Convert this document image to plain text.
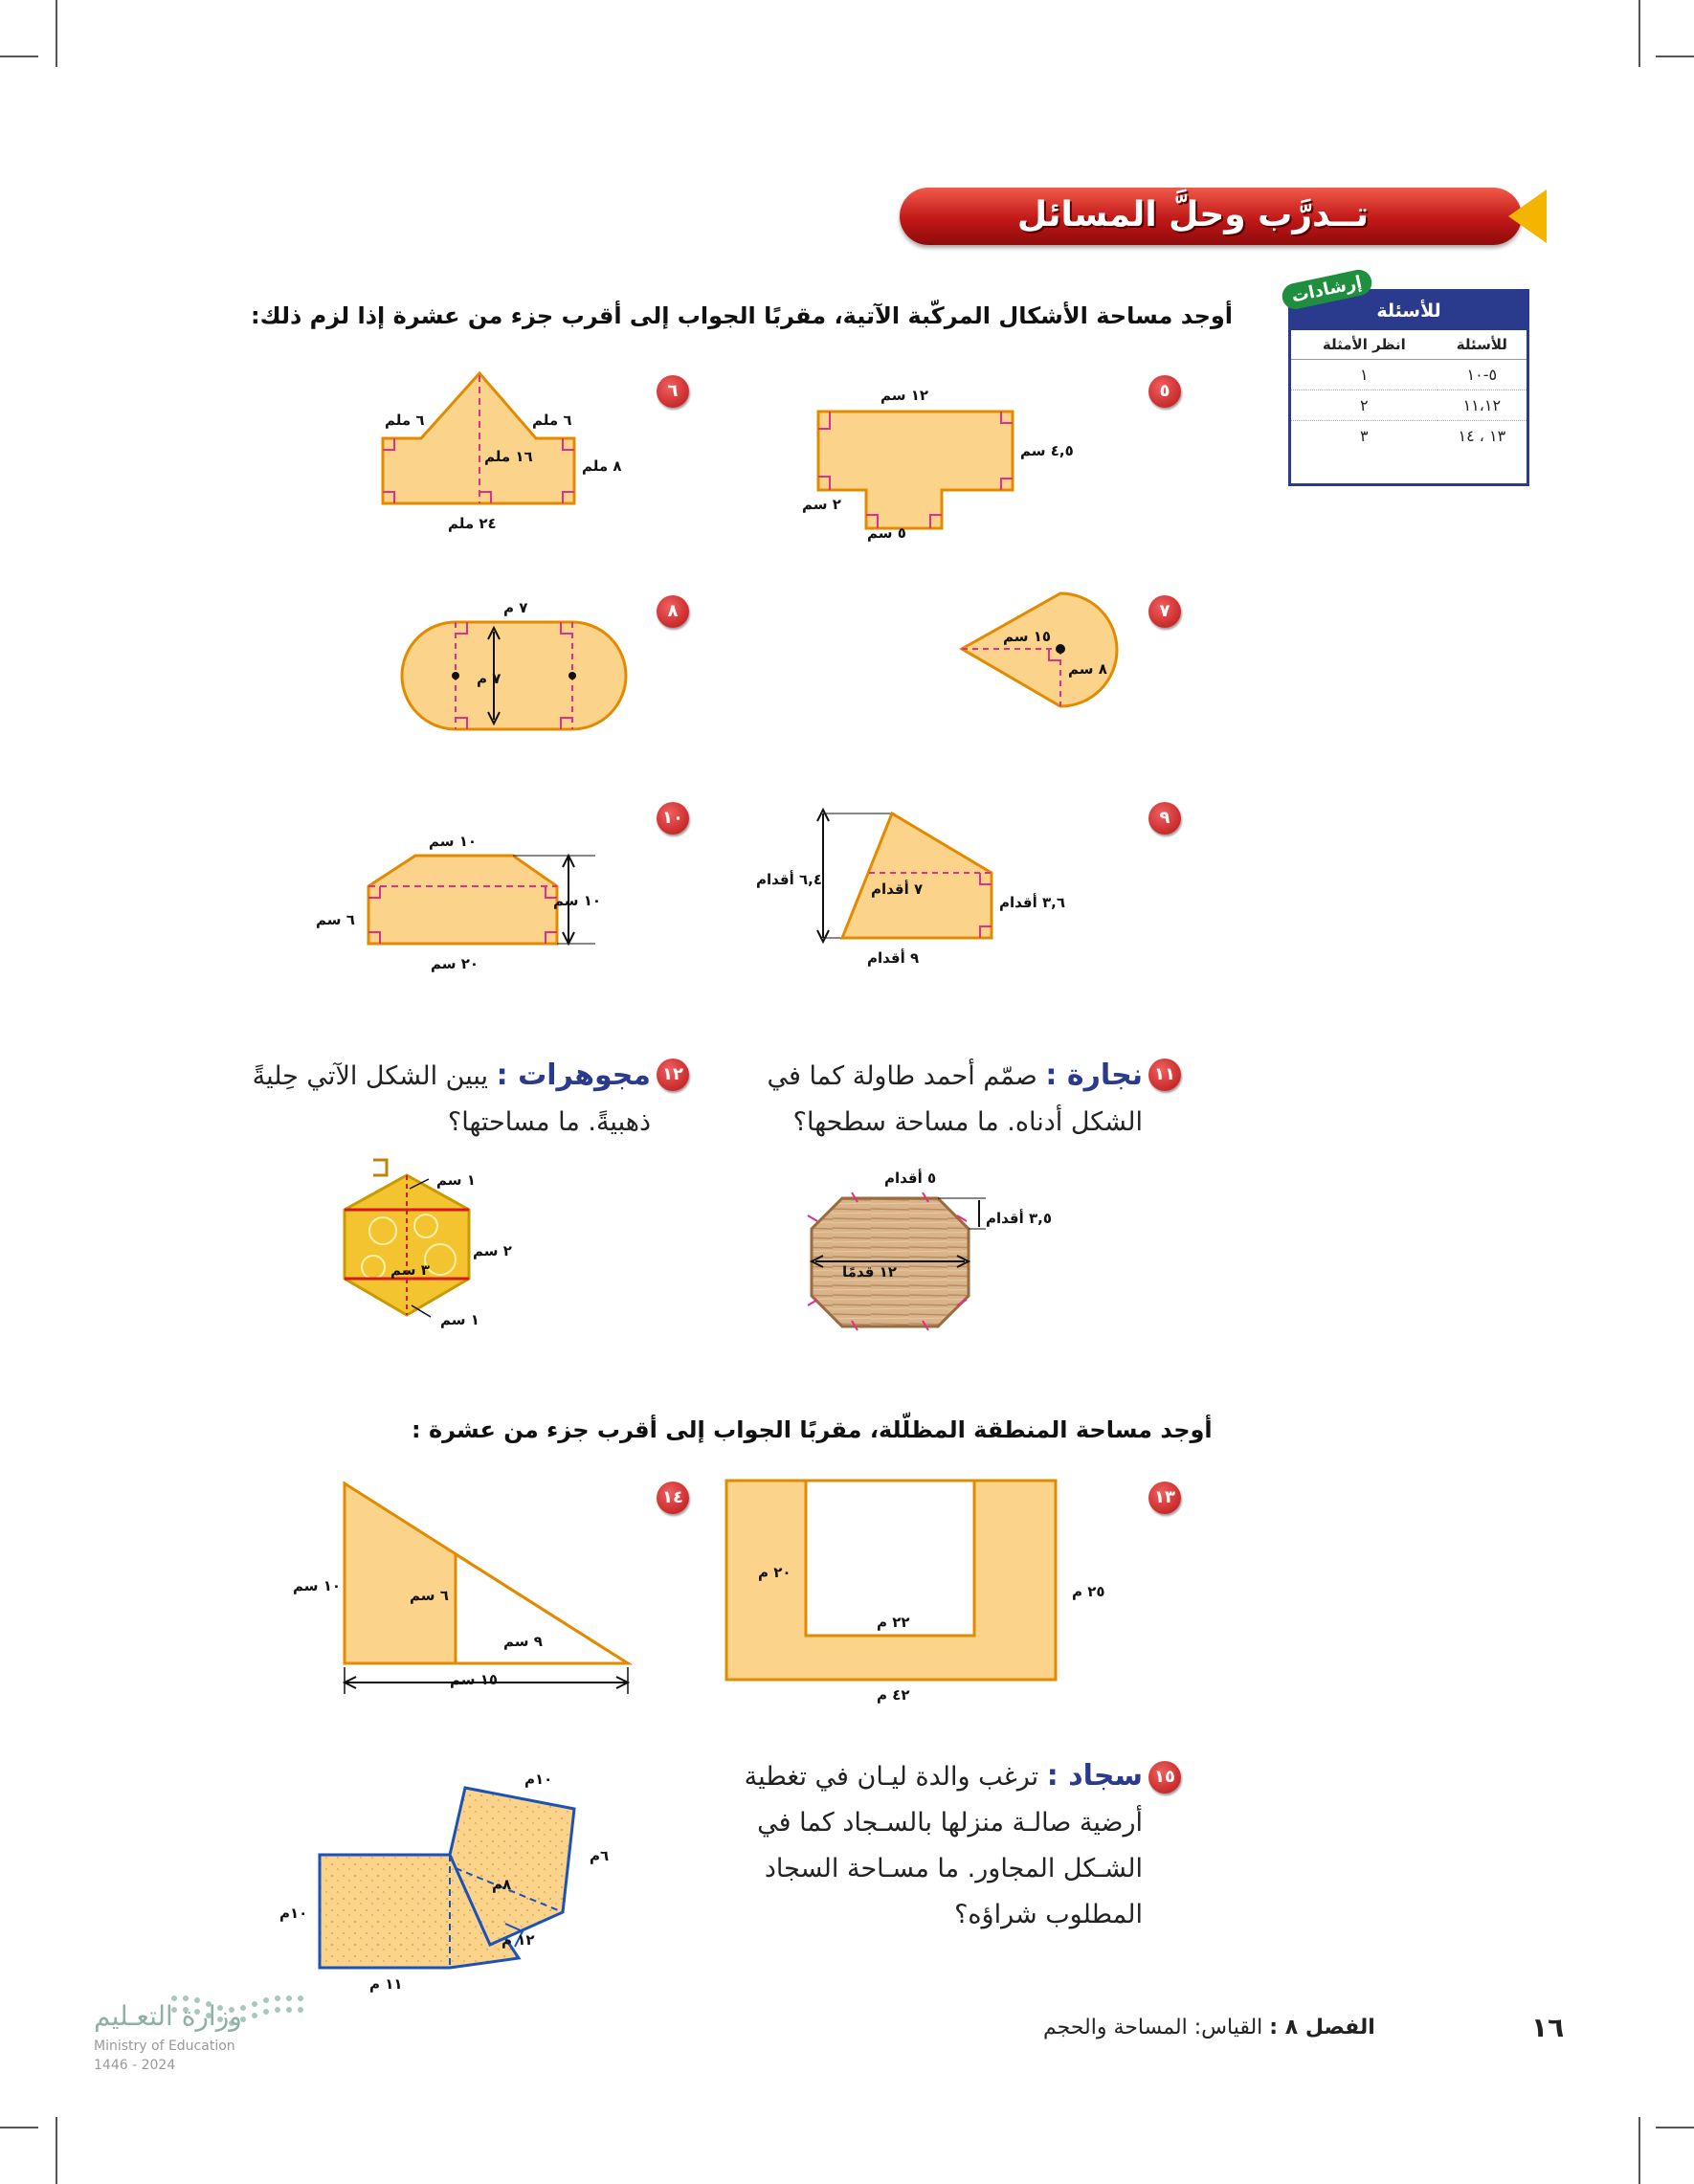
تــدرَّب وحلَّ المسائل
إرشادات
للأسئلة
للأسئلة	انظر الأمثلة
٥-١٠	١
١١،١٢	٢
١٣ ، ١٤	٣
أوجد مساحة الأشكال المركّبة الآتية، مقربًا الجواب إلى أقرب جزء من عشرة إذا لزم ذلك:
٥
١٢ سم
٤,٥ سم
٢ سم
٥ سم
٦
٦ ملم	٦ ملم
١٦ ملم
٨ ملم
٢٤ ملم
٧
١٥ سم
٨ سم
٨
٧ م
٧ م
٩
٦,٤ أقدام
٧ أقدام
٣,٦ أقدام
٩ أقدام
١٠
١٠ سم
١٠ سم
٦ سم
٢٠ سم
١١
نجارة : صمّم أحمد طاولة كما في الشكل أدناه. ما مساحة سطحها؟
٥ أقدام
٣,٥ أقدام
١٢ قدمًا
١٢
مجوهرات : يبين الشكل الآتي حِليةً ذهبيةً. ما مساحتها؟
١ سم
٢ سم
٣ سم
١ سم
أوجد مساحة المنطقة المظلّلة، مقربًا الجواب إلى أقرب جزء من عشرة :
١٣
٢٠ م
٢٥ م
٢٢ م
٤٢ م
١٤
١٠ سم
٦ سم
٩ سم
١٥ سم
١٥
سجاد : ترغب والدة ليـان في تغطية أرضية صالـة منزلها بالسـجاد كما في الشـكل المجاور. ما مسـاحة السجاد المطلوب شراؤه؟
١٠م
٦م
٨م
١٢ م
١٠م
١١ م
وزارة التعـليم
Ministry of Education
2024 - 1446
الفصل ٨ : القياس: المساحة والحجم	١٦
